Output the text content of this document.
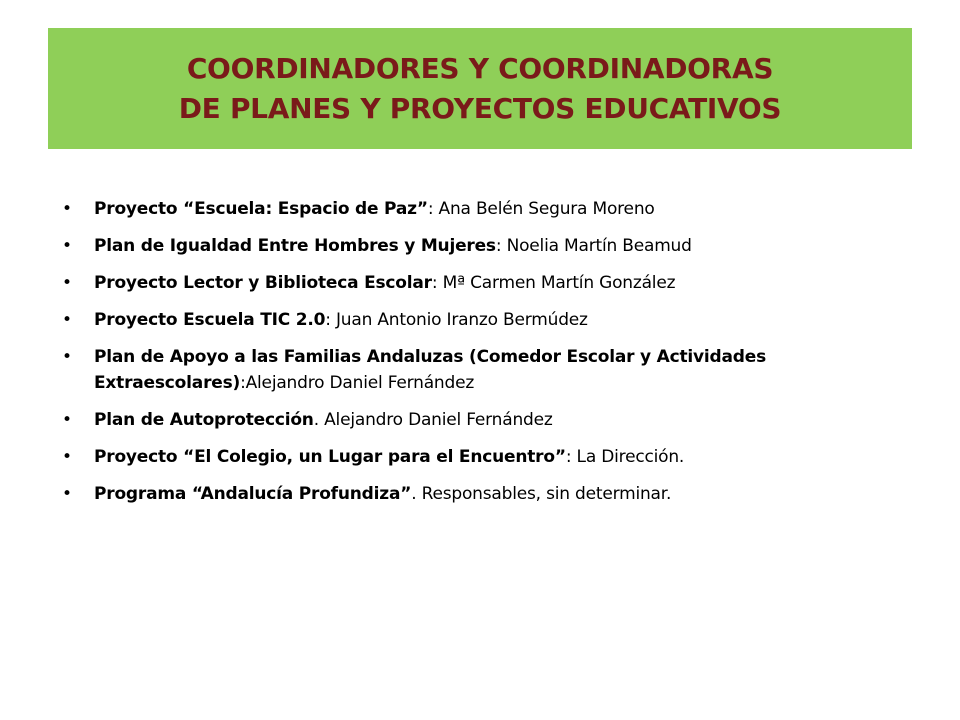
COORDINADORES Y COORDINADORAS
DE PLANES Y PROYECTOS EDUCATIVOS
• Proyecto “Escuela: Espacio de Paz”: Ana Belén Segura Moreno
• Plan de Igualdad Entre Hombres y Mujeres: Noelia Martín Beamud
• Proyecto Lector y Biblioteca Escolar: Mª Carmen Martín González
• Proyecto Escuela TIC 2.0: Juan Antonio Iranzo Bermúdez
• Plan de Apoyo a las Familias Andaluzas (Comedor Escolar y Actividades Extraescolares):Alejandro Daniel Fernández
• Plan de Autoprotección. Alejandro Daniel Fernández
• Proyecto “El Colegio, un Lugar para el Encuentro”: La Dirección.
• Programa “Andalucía Profundiza”. Responsables, sin determinar.
